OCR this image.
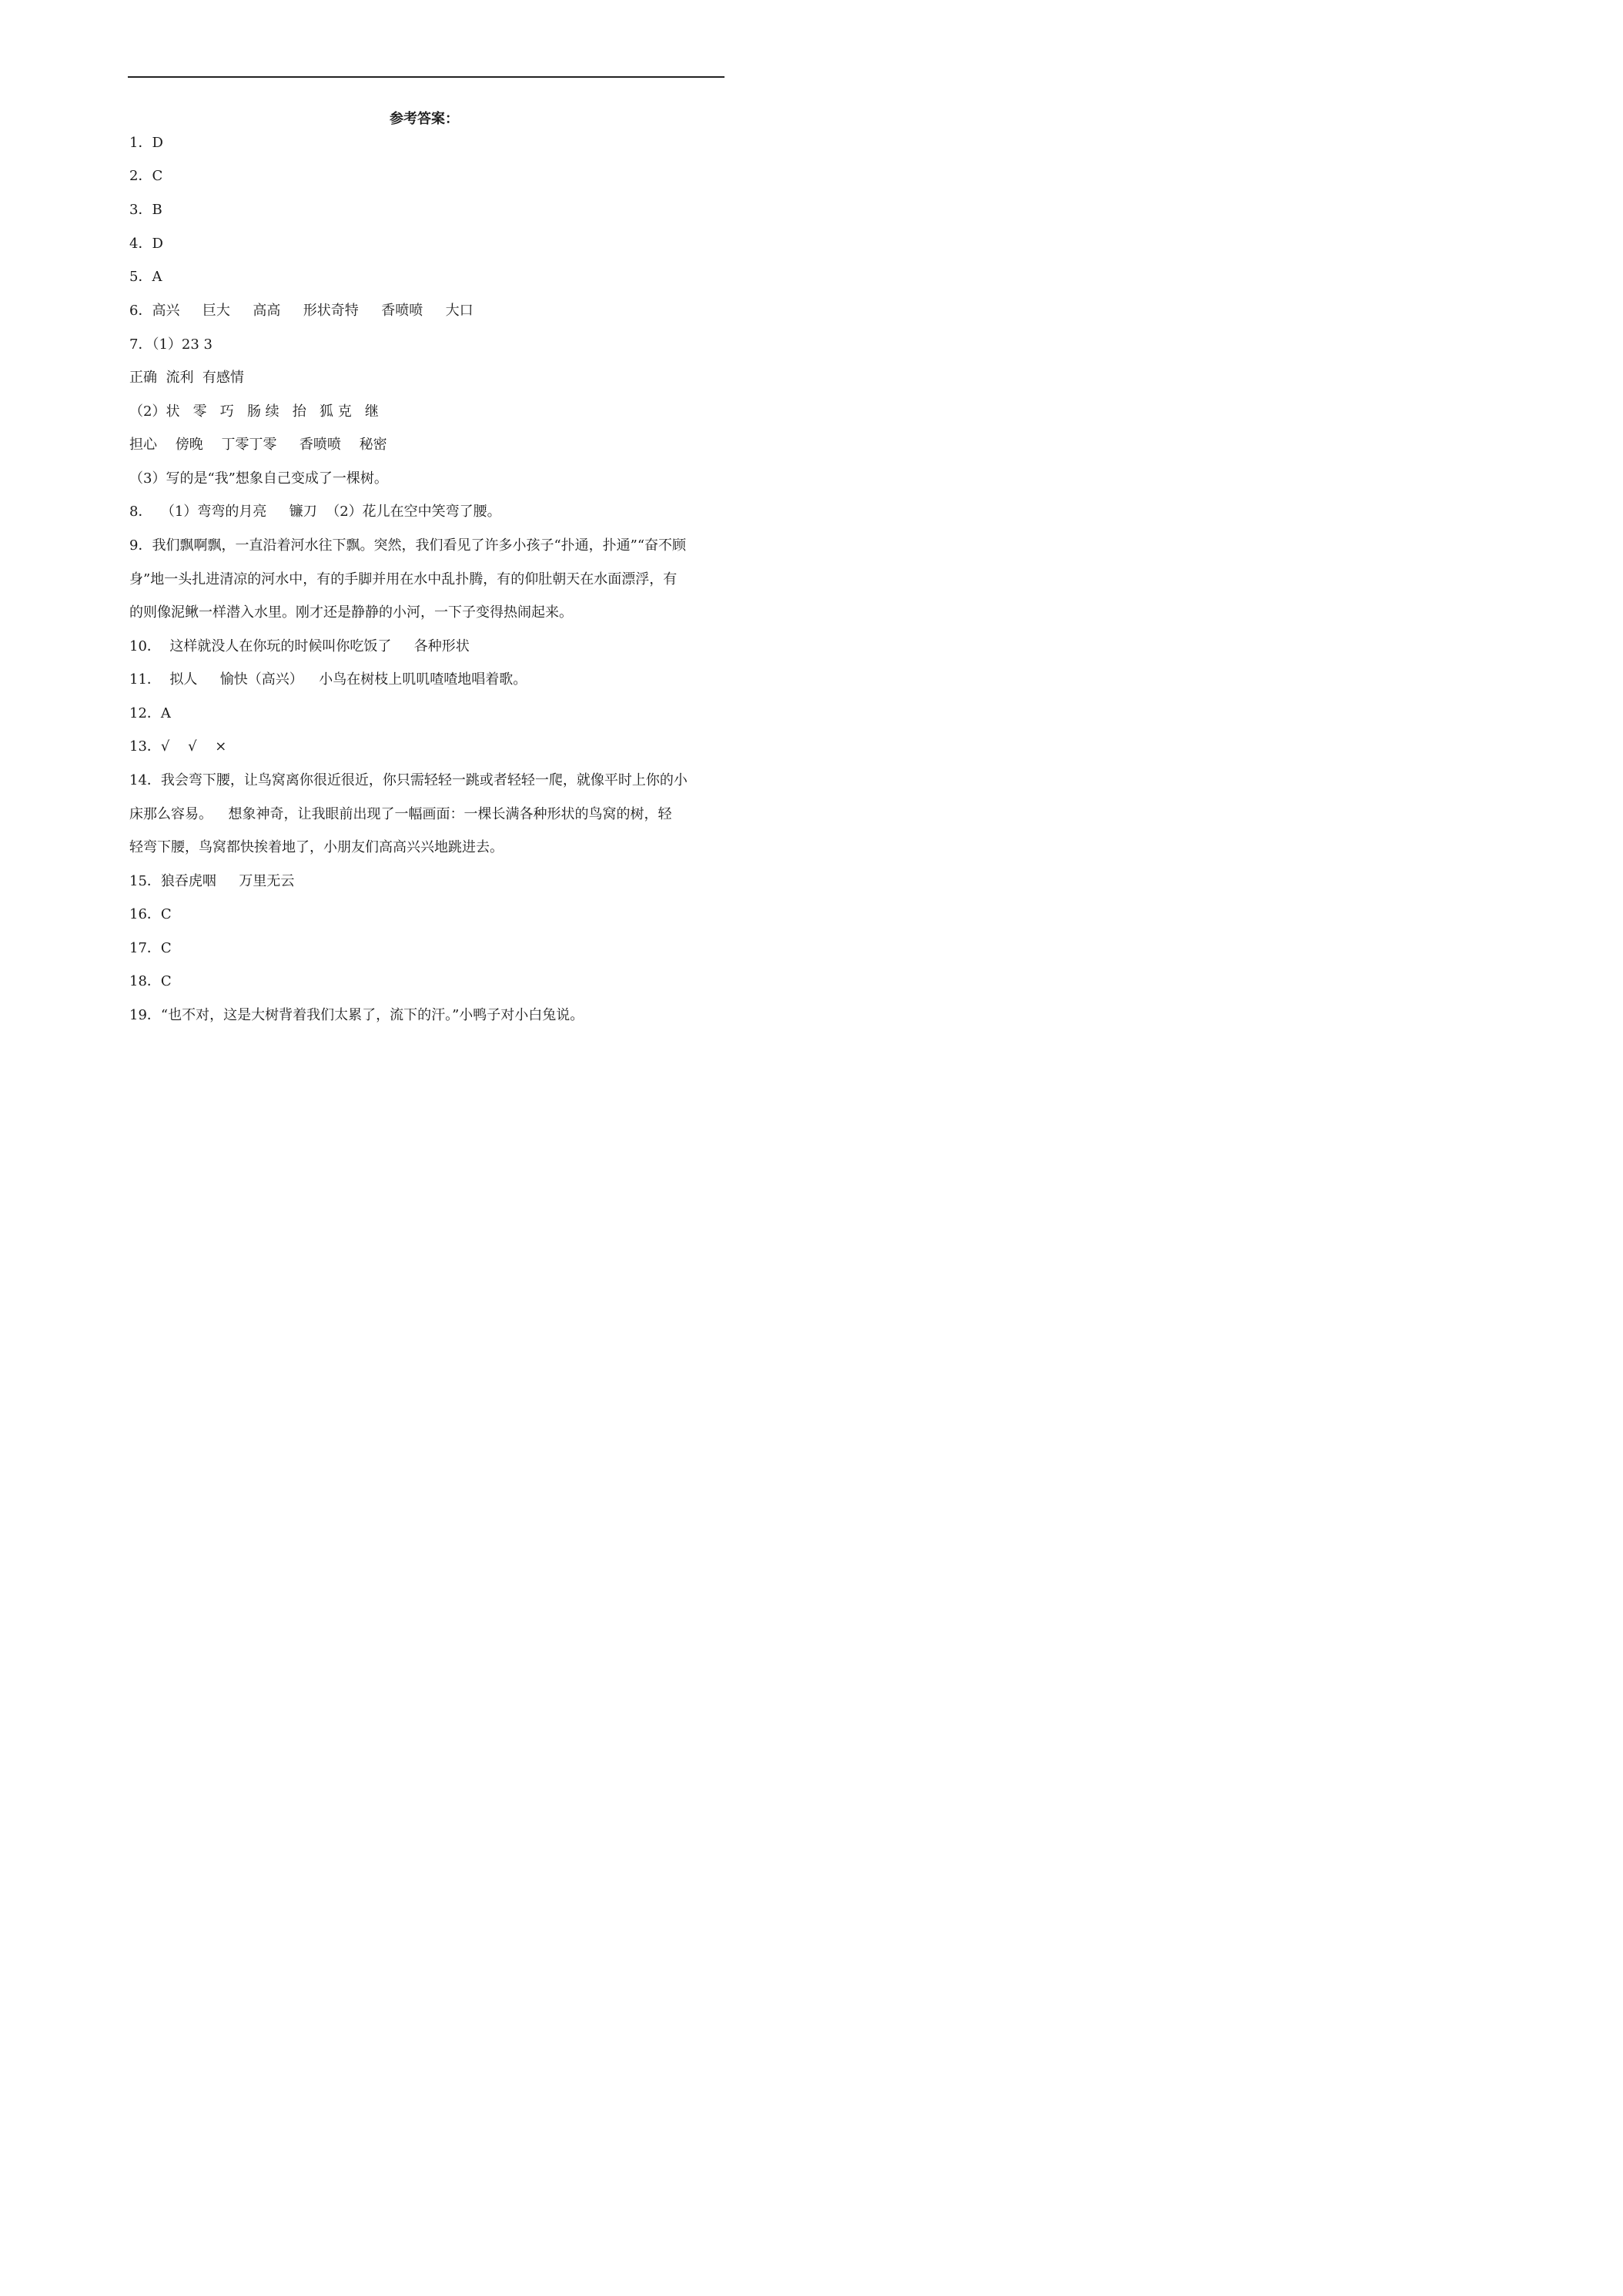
参考答案：
1．D
2．C
3．B
4．D
5．A
6．高兴　  巨大　  高高　  形状奇特　  香喷喷　  大口
7．（1）23 3
正确  流利  有感情
（2）状   零   巧   肠 续   抬   狐 克   继
担心　 傍晚　 丁零丁零　  香喷喷　 秘密
（3）写的是“我”想象自己变成了一棵树。
8．  （1）弯弯的月亮　  镰刀  （2）花儿在空中笑弯了腰。
9．我们飘啊飘，一直沿着河水往下飘。突然，我们看见了许多小孩子“扑通，扑通”“奋不顾
身”地一头扎进清凉的河水中，有的手脚并用在水中乱扑腾，有的仰肚朝天在水面漂浮，有
的则像泥鳅一样潜入水里。刚才还是静静的小河，一下子变得热闹起来。
10．  这样就没人在你玩的时候叫你吃饭了　  各种形状
11．  拟人　  愉快（高兴）　  小鸟在树枝上叽叽喳喳地唱着歌。
12．A
13．√　 √　 ×
14．我会弯下腰，让鸟窝离你很近很近，你只需轻轻一跳或者轻轻一爬，就像平时上你的小
床那么容易。　  想象神奇，让我眼前出现了一幅画面：一棵长满各种形状的鸟窝的树，轻
轻弯下腰，鸟窝都快挨着地了，小朋友们高高兴兴地跳进去。
15．狼吞虎咽　  万里无云
16．C
17．C
18．C
19．“也不对，这是大树背着我们太累了，流下的汗。”小鸭子对小白兔说。
